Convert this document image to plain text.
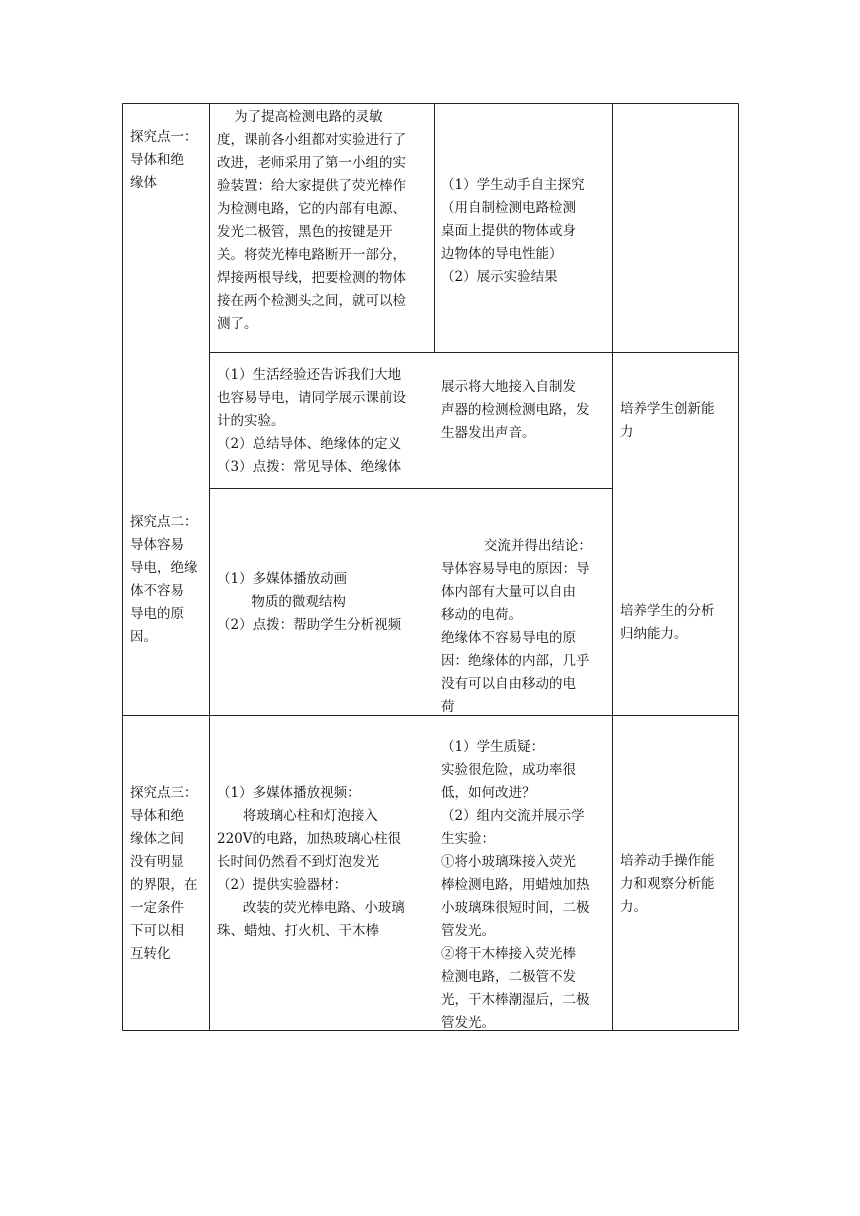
探究点一：
导体和绝
缘体
为了提高检测电路的灵敏
度，课前各小组都对实验进行了
改进，老师采用了第一小组的实
验装置：给大家提供了荧光棒作
为检测电路，它的内部有电源、
发光二极管，黑色的按键是开
关。将荧光棒电路断开一部分，
焊接两根导线，把要检测的物体
接在两个检测头之间，就可以检
测了。
（1）学生动手自主探究
（用自制检测电路检测
桌面上提供的物体或身
边物体的导电性能）
（2）展示实验结果
（1）生活经验还告诉我们大地
也容易导电，请同学展示课前设
计的实验。
（2）总结导体、绝缘体的定义
（3）点拨：常见导体、绝缘体
展示将大地接入自制发
声器的检测检测电路，发
生器发出声音。
培养学生创新能
力
探究点二：
导体容易
导电，绝缘
体不容易
导电的原
因。
（1）多媒体播放动画
物质的微观结构
（2）点拨：帮助学生分析视频
交流并得出结论：
导体容易导电的原因：导
体内部有大量可以自由
移动的电荷。
绝缘体不容易导电的原
因：绝缘体的内部，几乎
没有可以自由移动的电
荷
培养学生的分析
归纳能力。
探究点三：
导体和绝
缘体之间
没有明显
的界限，在
一定条件
下可以相
互转化
（1）多媒体播放视频：
将玻璃心柱和灯泡接入
220V的电路，加热玻璃心柱很
长时间仍然看不到灯泡发光
（2）提供实验器材：
改装的荧光棒电路、小玻璃
珠、蜡烛、打火机、干木棒
（1）学生质疑：
实验很危险，成功率很
低，如何改进？
（2）组内交流并展示学
生实验：
①将小玻璃珠接入荧光
棒检测电路，用蜡烛加热
小玻璃珠很短时间，二极
管发光。
②将干木棒接入荧光棒
检测电路，二极管不发
光，干木棒潮湿后，二极
管发光。
培养动手操作能
力和观察分析能
力。
